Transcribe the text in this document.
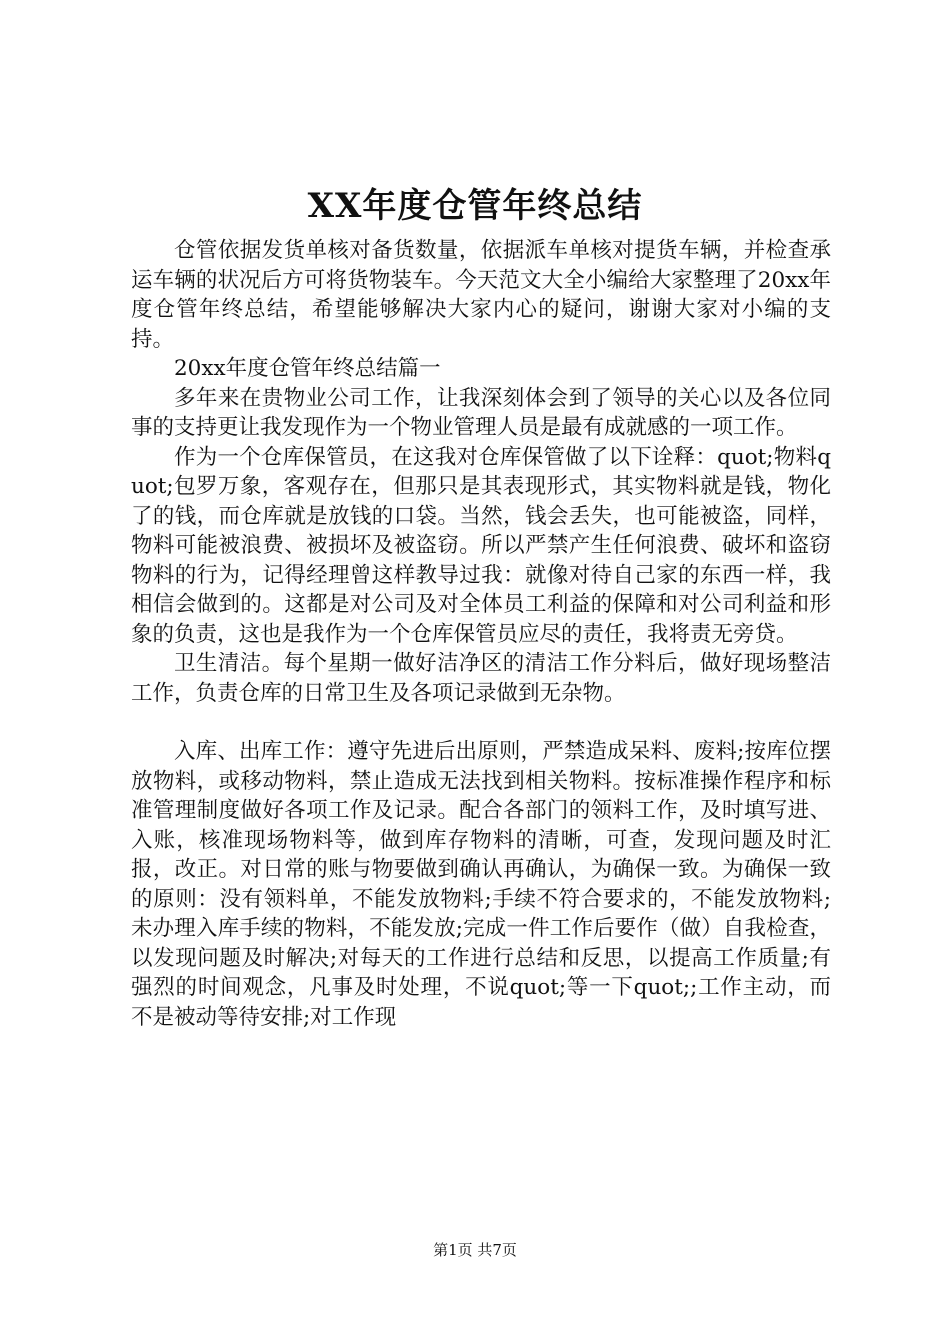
XX年度仓管年终总结

仓管依据发货单核对备货数量，依据派车单核对提货车辆，并检查承运车辆的状况后方可将货物装车。今天范文大全小编给大家整理了20xx年度仓管年终总结，希望能够解决大家内心的疑问，谢谢大家对小编的支持。

20xx年度仓管年终总结篇一

多年来在贵物业公司工作，让我深刻体会到了领导的关心以及各位同事的支持更让我发现作为一个物业管理人员是最有成就感的一项工作。

作为一个仓库保管员，在这我对仓库保管做了以下诠释：quot;物料quot;包罗万象，客观存在，但那只是其表现形式，其实物料就是钱，物化了的钱，而仓库就是放钱的口袋。当然，钱会丢失，也可能被盗，同样，物料可能被浪费、被损坏及被盗窃。所以严禁产生任何浪费、破坏和盗窃物料的行为，记得经理曾这样教导过我：就像对待自己家的东西一样，我相信会做到的。这都是对公司及对全体员工利益的保障和对公司利益和形象的负责，这也是我作为一个仓库保管员应尽的责任，我将责无旁贷。

卫生清洁。每个星期一做好洁净区的清洁工作分料后，做好现场整洁工作，负责仓库的日常卫生及各项记录做到无杂物。

入库、出库工作：遵守先进后出原则，严禁造成呆料、废料;按库位摆放物料，或移动物料，禁止造成无法找到相关物料。按标准操作程序和标准管理制度做好各项工作及记录。配合各部门的领料工作，及时填写进、入账，核准现场物料等，做到库存物料的清晰，可查，发现问题及时汇报，改正。对日常的账与物要做到确认再确认，为确保一致。为确保一致的原则：没有领料单，不能发放物料;手续不符合要求的，不能发放物料;未办理入库手续的物料，不能发放;完成一件工作后要作（做）自我检查，以发现问题及时解决;对每天的工作进行总结和反思，以提高工作质量;有强烈的时间观念，凡事及时处理，不说quot;等一下quot;;工作主动，而不是被动等待安排;对工作现

第1页 共7页
